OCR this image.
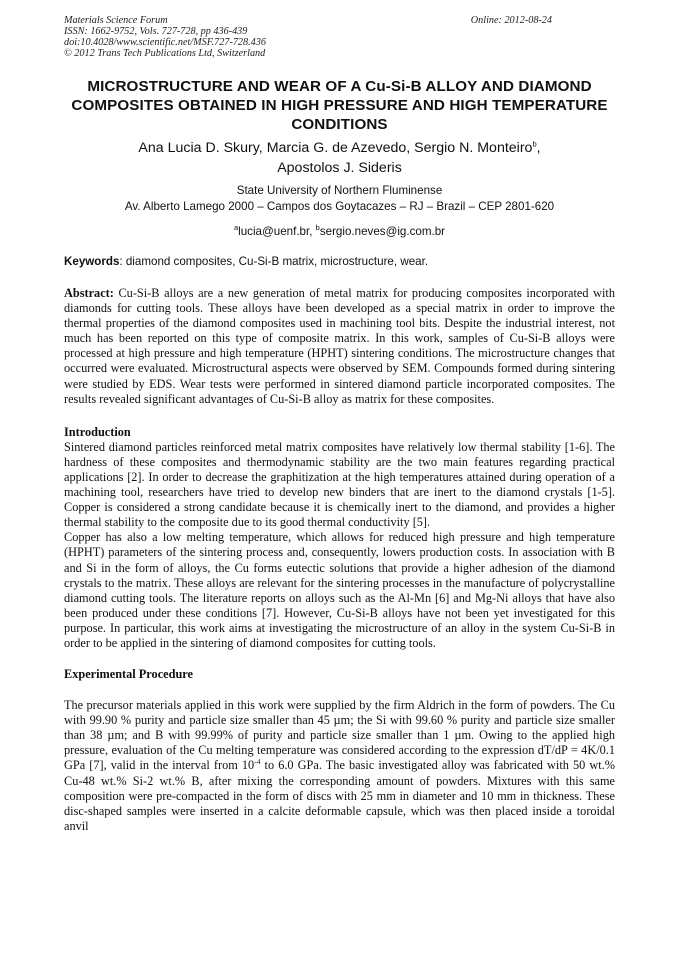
Materials Science Forum
ISSN: 1662-9752, Vols. 727-728, pp 436-439
doi:10.4028/www.scientific.net/MSF.727-728.436
© 2012 Trans Tech Publications Ltd, Switzerland
Online: 2012-08-24
MICROSTRUCTURE AND WEAR OF A Cu-Si-B ALLOY AND DIAMOND COMPOSITES OBTAINED IN HIGH PRESSURE AND HIGH TEMPERATURE CONDITIONS
Ana Lucia D. Skury, Marcia G. de Azevedo, Sergio N. Monteiro$^b$,
Apostolos J. Sideris
State University of Northern Fluminense
Av. Alberto Lamego 2000 – Campos dos Goytacazes – RJ – Brazil – CEP 2801-620
$^a$lucia@uenf.br, $^b$sergio.neves@ig.com.br
Keywords: diamond composites, Cu-Si-B matrix, microstructure, wear.
Abstract: Cu-Si-B alloys are a new generation of metal matrix for producing composites incorporated with diamonds for cutting tools. These alloys have been developed as a special matrix in order to improve the thermal properties of the diamond composites used in machining tool bits. Despite the industrial interest, not much has been reported on this type of composite matrix. In this work, samples of Cu-Si-B alloys were processed at high pressure and high temperature (HPHT) sintering conditions. The microstructure changes that occurred were evaluated. Microstructural aspects were observed by SEM. Compounds formed during sintering were studied by EDS. Wear tests were performed in sintered diamond particle incorporated composites. The results revealed significant advantages of Cu-Si-B alloy as matrix for these composites.
Introduction
Sintered diamond particles reinforced metal matrix composites have relatively low thermal stability [1-6]. The hardness of these composites and thermodynamic stability are the two main features regarding practical applications [2]. In order to decrease the graphitization at the high temperatures attained during operation of a machining tool, researchers have tried to develop new binders that are inert to the diamond crystals [1-5]. Copper is considered a strong candidate because it is chemically inert to the diamond, and provides a higher thermal stability to the composite due to its good thermal conductivity [5].
Copper has also a low melting temperature, which allows for reduced high pressure and high temperature (HPHT) parameters of the sintering process and, consequently, lowers production costs. In association with B and Si in the form of alloys, the Cu forms eutectic solutions that provide a higher adhesion of the diamond crystals to the matrix. These alloys are relevant for the sintering processes in the manufacture of polycrystalline diamond cutting tools. The literature reports on alloys such as the Al-Mn [6] and Mg-Ni alloys that have also been produced under these conditions [7]. However, Cu-Si-B alloys have not been yet investigated for this purpose. In particular, this work aims at investigating the microstructure of an alloy in the system Cu-Si-B in order to be applied in the sintering of diamond composites for cutting tools.
Experimental Procedure
The precursor materials applied in this work were supplied by the firm Aldrich in the form of powders. The Cu with 99.90 % purity and particle size smaller than 45 µm; the Si with 99.60 % purity and particle size smaller than 38 µm; and B with 99.99% of purity and particle size smaller than 1 µm. Owing to the applied high pressure, evaluation of the Cu melting temperature was considered according to the expression dT/dP = 4K/0.1 GPa [7], valid in the interval from $10^{-4}$ to 6.0 GPa. The basic investigated alloy was fabricated with 50 wt.% Cu-48 wt.% Si-2 wt.% B, after mixing the corresponding amount of powders. Mixtures with this same composition were pre-compacted in the form of discs with 25 mm in diameter and 10 mm in thickness. These disc-shaped samples were inserted in a calcite deformable capsule, which was then placed inside a toroidal anvil
